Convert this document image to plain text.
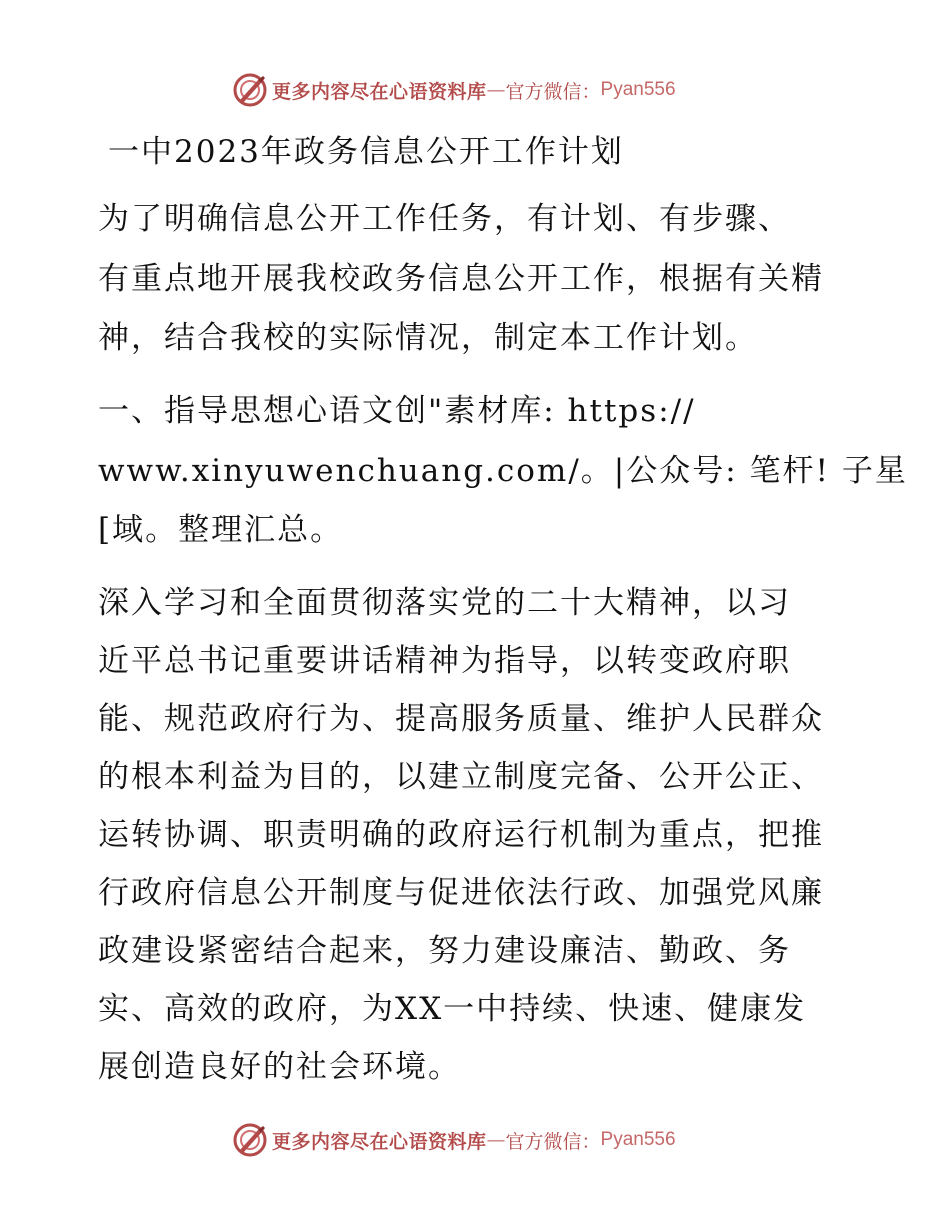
更多内容尽在心语资料库 — 官方微信： Pyan556
一中2023年政务信息公开工作计划
为了明确信息公开工作任务，有计划、有步骤、
有重点地开展我校政务信息公开工作，根据有关精
神，结合我校的实际情况，制定本工作计划。
一、指导思想心语文创"素材库: https://
www.xinyuwenchuang.com/。|公众号: 笔杆! 子星
[域。整理汇总。
深入学习和全面贯彻落实党的二十大精神，以习
近平总书记重要讲话精神为指导，以转变政府职
能、规范政府行为、提高服务质量、维护人民群众
的根本利益为目的，以建立制度完备、公开公正、
运转协调、职责明确的政府运行机制为重点，把推
行政府信息公开制度与促进依法行政、加强党风廉
政建设紧密结合起来，努力建设廉洁、勤政、务
实、高效的政府，为XX一中持续、快速、健康发
展创造良好的社会环境。
更多内容尽在心语资料库 — 官方微信： Pyan556
